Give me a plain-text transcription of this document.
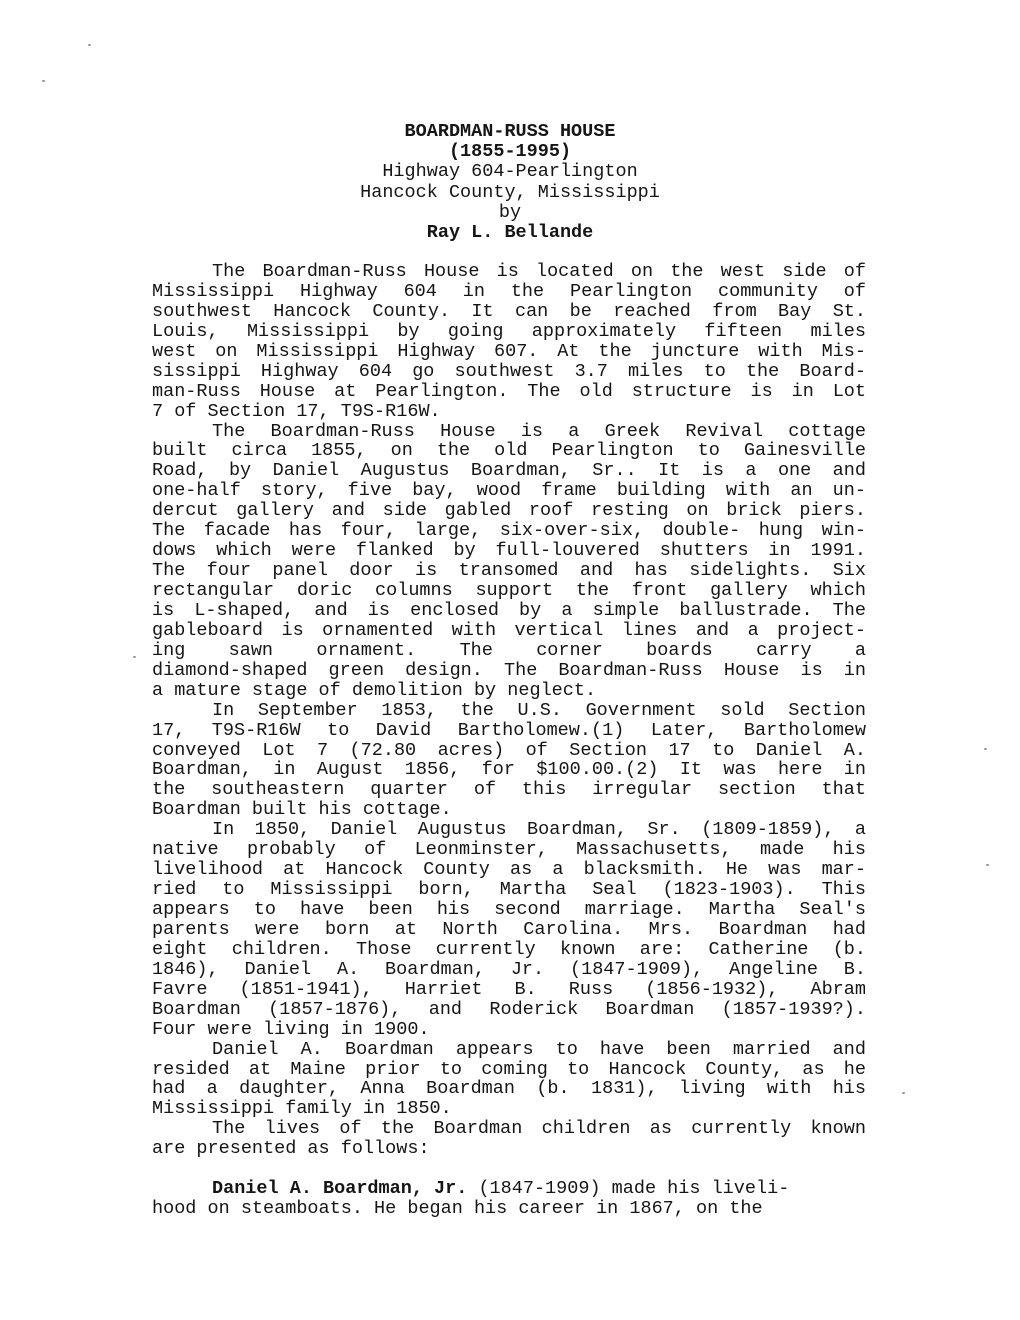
BOARDMAN-RUSS HOUSE
(1855-1995)
Highway 604-Pearlington
Hancock County, Mississippi
by
Ray L. Bellande
The Boardman-Russ House is located on the west side of
Mississippi Highway 604 in the Pearlington community of
southwest Hancock County. It can be reached from Bay St.
Louis, Mississippi by going approximately fifteen miles
west on Mississippi Highway 607. At the juncture with Mis-
sissippi Highway 604 go southwest 3.7 miles to the Board-
man-Russ House at Pearlington. The old structure is in Lot
7 of Section 17, T9S-R16W.
The Boardman-Russ House is a Greek Revival cottage
built circa 1855, on the old Pearlington to Gainesville
Road, by Daniel Augustus Boardman, Sr.. It is a one and
one-half story, five bay, wood frame building with an un-
dercut gallery and side gabled roof resting on brick piers.
The facade has four, large, six-over-six, double- hung win-
dows which were flanked by full-louvered shutters in 1991.
The four panel door is transomed and has sidelights. Six
rectangular doric columns support the front gallery which
is L-shaped, and is enclosed by a simple ballustrade. The
gableboard is ornamented with vertical lines and a project-
ing sawn ornament. The corner boards carry a
diamond-shaped green design. The Boardman-Russ House is in
a mature stage of demolition by neglect.
In September 1853, the U.S. Government sold Section
17, T9S-R16W to David Bartholomew.(1) Later, Bartholomew
conveyed Lot 7 (72.80 acres) of Section 17 to Daniel A.
Boardman, in August 1856, for $100.00.(2) It was here in
the southeastern quarter of this irregular section that
Boardman built his cottage.
In 1850, Daniel Augustus Boardman, Sr. (1809-1859), a
native probably of Leonminster, Massachusetts, made his
livelihood at Hancock County as a blacksmith. He was mar-
ried to Mississippi born, Martha Seal (1823-1903). This
appears to have been his second marriage. Martha Seal's
parents were born at North Carolina. Mrs. Boardman had
eight children. Those currently known are: Catherine (b.
1846), Daniel A. Boardman, Jr. (1847-1909), Angeline B.
Favre (1851-1941), Harriet B. Russ (1856-1932), Abram
Boardman (1857-1876), and Roderick Boardman (1857-1939?).
Four were living in 1900.
Daniel A. Boardman appears to have been married and
resided at Maine prior to coming to Hancock County, as he
had a daughter, Anna Boardman (b. 1831), living with his
Mississippi family in 1850.
The lives of the Boardman children as currently known
are presented as follows:
Daniel A. Boardman, Jr. (1847-1909) made his liveli-
hood on steamboats. He began his career in 1867, on the
